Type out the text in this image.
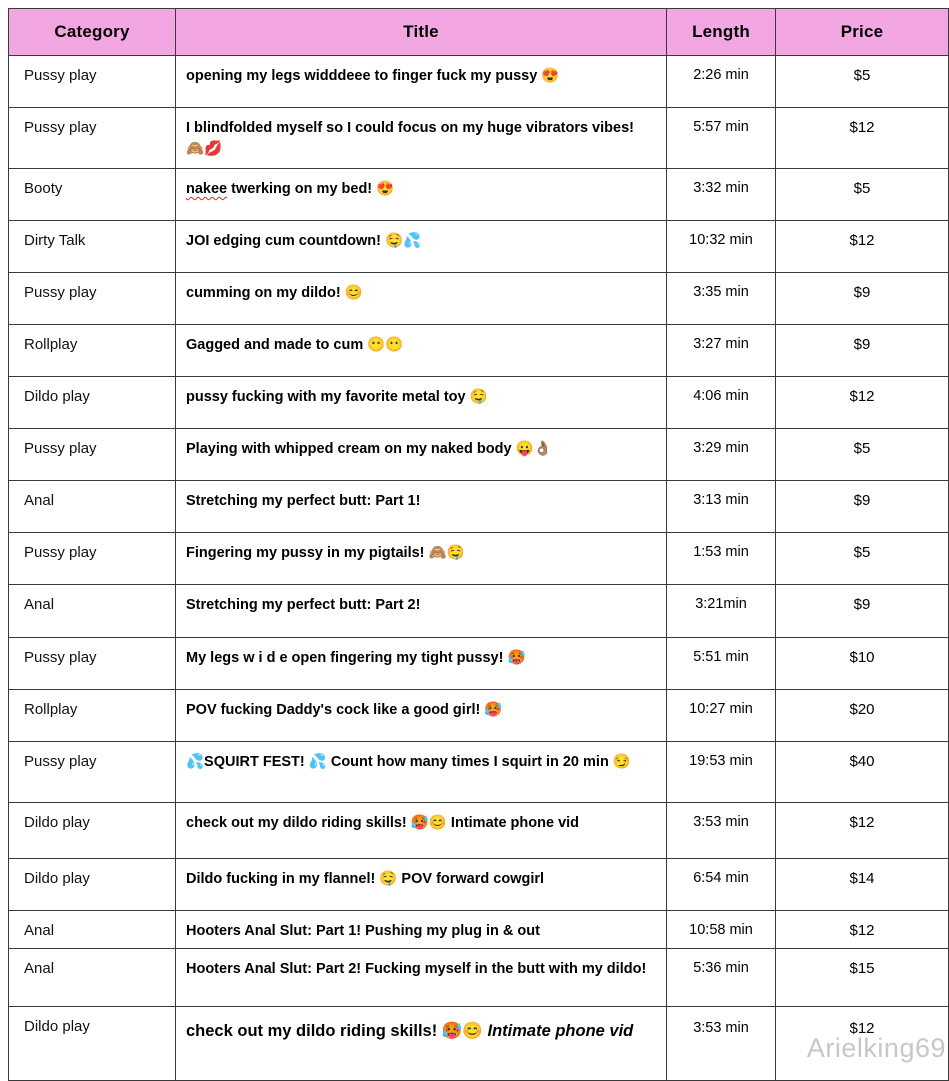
Category	Title	Length	Price
Pussy play	opening my legs widddeee to finger fuck my pussy 😍	2:26 min	$5
Pussy play	I blindfolded myself so I could focus on my huge vibrators vibes! 🙈💋	5:57 min	$12
Booty	nakee twerking on my bed! 😍	3:32 min	$5
Dirty Talk	JOI edging cum countdown! 🤤💦	10:32 min	$12
Pussy play	cumming on my dildo! 😊	3:35 min	$9
Rollplay	Gagged and made to cum 😶😶	3:27 min	$9
Dildo play	pussy fucking with my favorite metal toy 🤤	4:06 min	$12
Pussy play	Playing with whipped cream on my naked body 😛👌🏽	3:29 min	$5
Anal	Stretching my perfect butt: Part 1!	3:13 min	$9
Pussy play	Fingering my pussy in my pigtails! 🙈🤤	1:53 min	$5
Anal	Stretching my perfect butt: Part 2!	3:21min	$9
Pussy play	My legs w i d e open fingering my tight pussy! 🥵	5:51 min	$10
Rollplay	POV fucking Daddy's cock like a good girl! 🥵	10:27 min	$20
Pussy play	💦SQUIRT FEST! 💦 Count how many times I squirt in 20 min 😏	19:53 min	$40
Dildo play	check out my dildo riding skills! 🥵😊 Intimate phone vid	3:53 min	$12
Dildo play	Dildo fucking in my flannel! 🤤 POV forward cowgirl	6:54 min	$14
Anal	Hooters Anal Slut: Part 1! Pushing my plug in & out	10:58 min	$12
Anal	Hooters Anal Slut: Part 2! Fucking myself in the butt with my dildo!	5:36 min	$15
Dildo play	check out my dildo riding skills! 🥵😊 Intimate phone vid	3:53 min	$12
Arielking69
